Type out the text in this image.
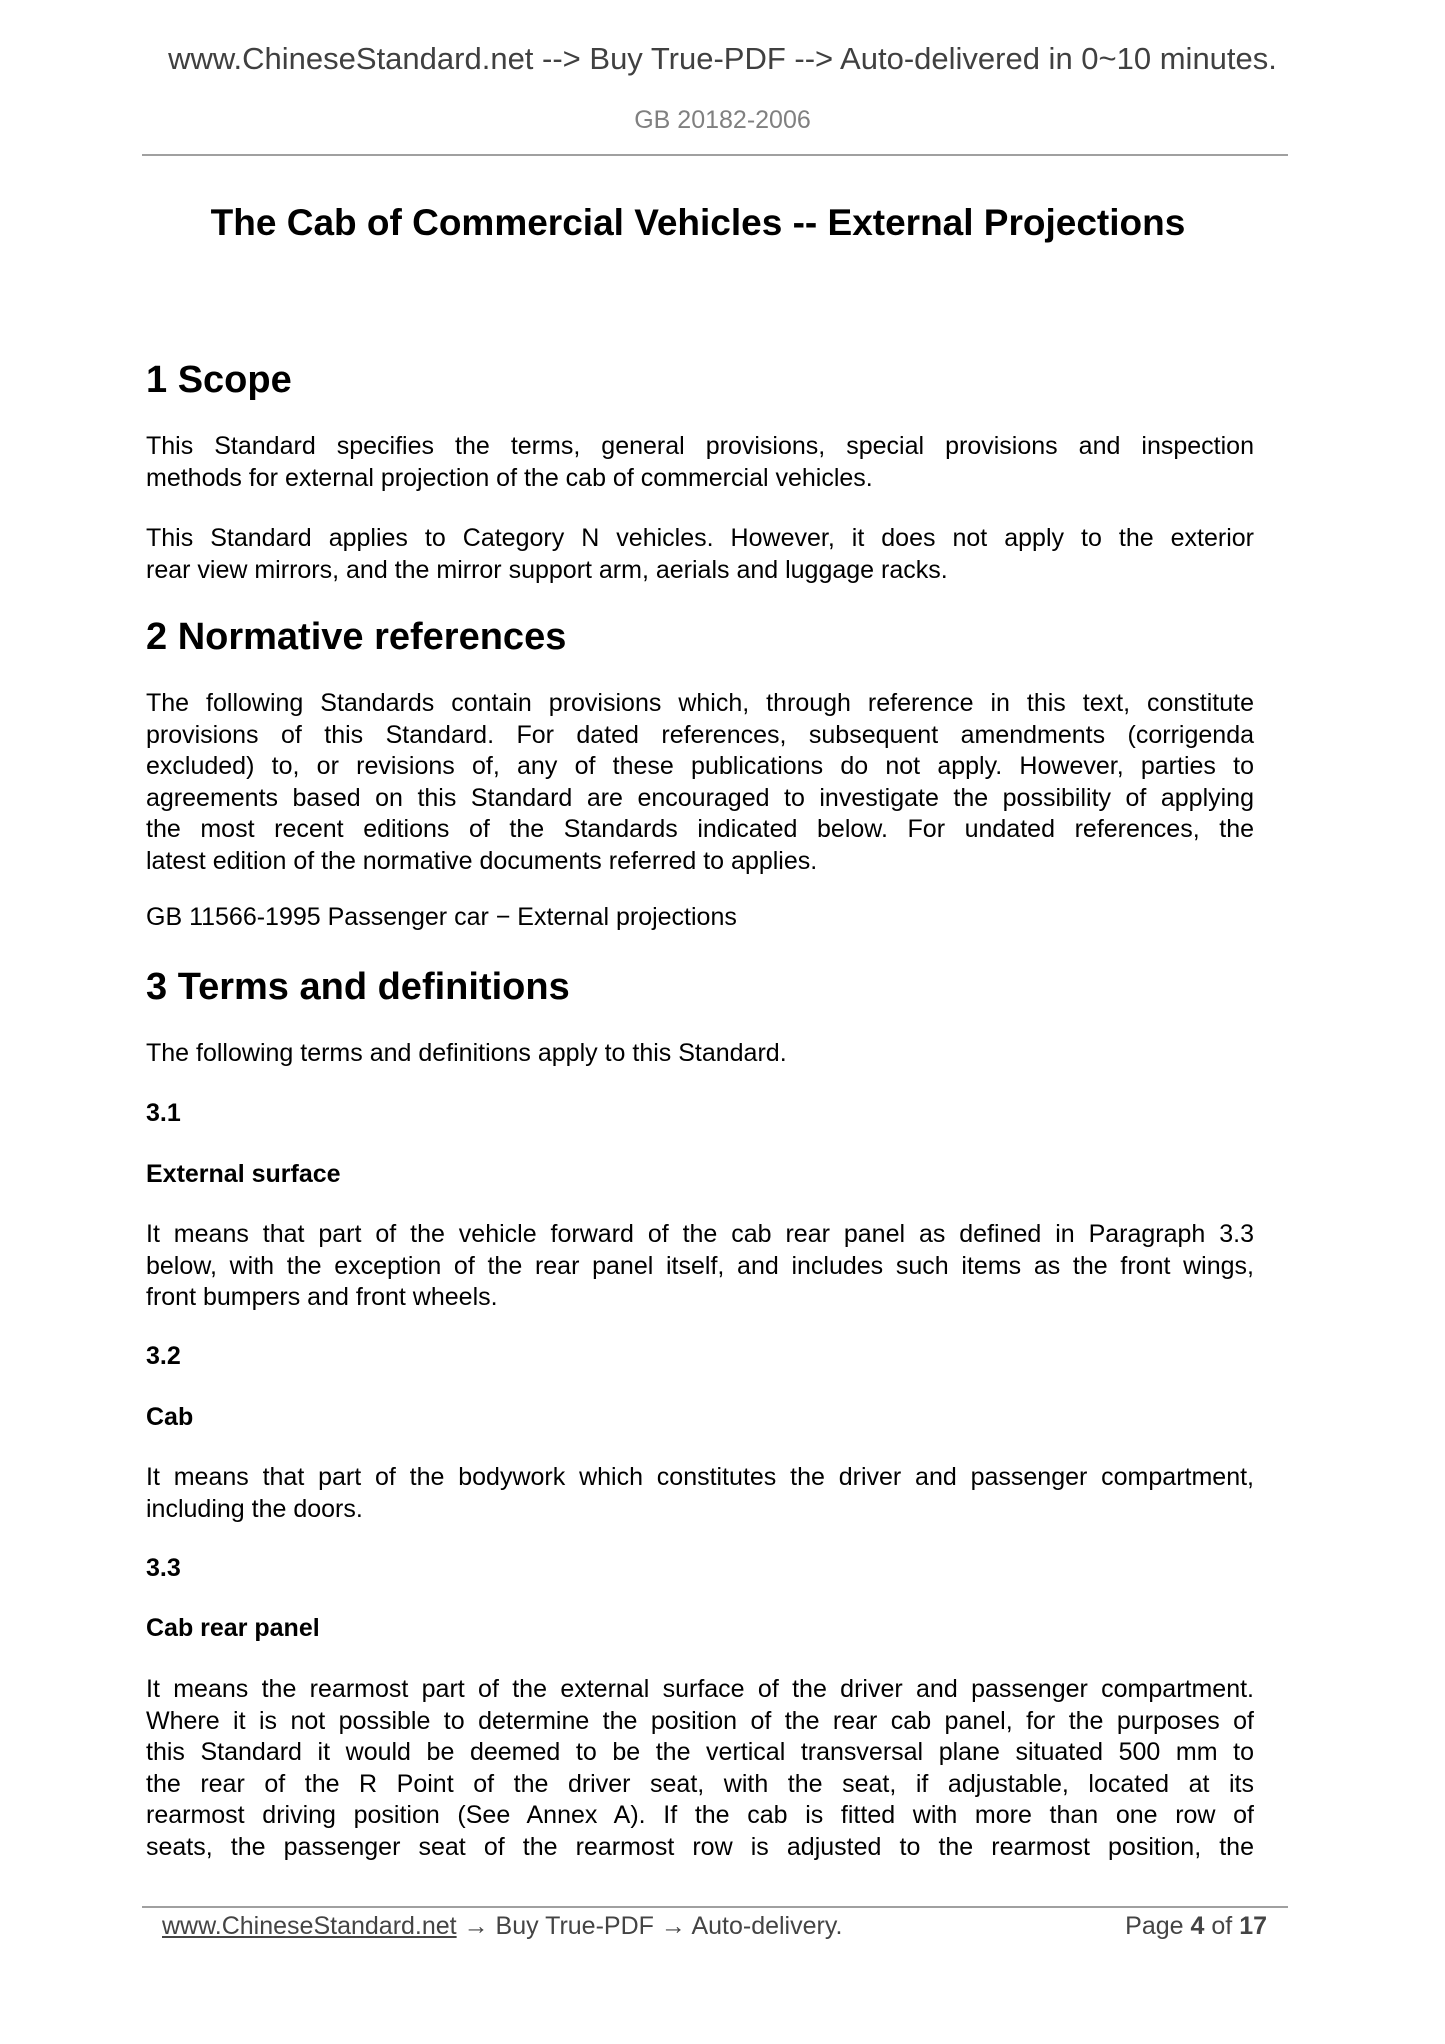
www.ChineseStandard.net --> Buy True-PDF --> Auto-delivered in 0~10 minutes.
GB 20182-2006
The Cab of Commercial Vehicles -- External Projections
1 Scope
This Standard specifies the terms, general provisions, special provisions and inspection
methods for external projection of the cab of commercial vehicles.
This Standard applies to Category N vehicles. However, it does not apply to the exterior
rear view mirrors, and the mirror support arm, aerials and luggage racks.
2 Normative references
The following Standards contain provisions which, through reference in this text, constitute
provisions of this Standard. For dated references, subsequent amendments (corrigenda
excluded) to, or revisions of, any of these publications do not apply. However, parties to
agreements based on this Standard are encouraged to investigate the possibility of applying
the most recent editions of the Standards indicated below. For undated references, the
latest edition of the normative documents referred to applies.
GB 11566-1995 Passenger car − External projections
3 Terms and definitions
The following terms and definitions apply to this Standard.
3.1
External surface
It means that part of the vehicle forward of the cab rear panel as defined in Paragraph 3.3
below, with the exception of the rear panel itself, and includes such items as the front wings,
front bumpers and front wheels.
3.2
Cab
It means that part of the bodywork which constitutes the driver and passenger compartment,
including the doors.
3.3
Cab rear panel
It means the rearmost part of the external surface of the driver and passenger compartment.
Where it is not possible to determine the position of the rear cab panel, for the purposes of
this Standard it would be deemed to be the vertical transversal plane situated 500 mm to
the rear of the R Point of the driver seat, with the seat, if adjustable, located at its
rearmost driving position (See Annex A). If the cab is fitted with more than one row of
seats, the passenger seat of the rearmost row is adjusted to the rearmost position, the
www.ChineseStandard.net → Buy True-PDF → Auto-delivery.	Page 4 of 17
